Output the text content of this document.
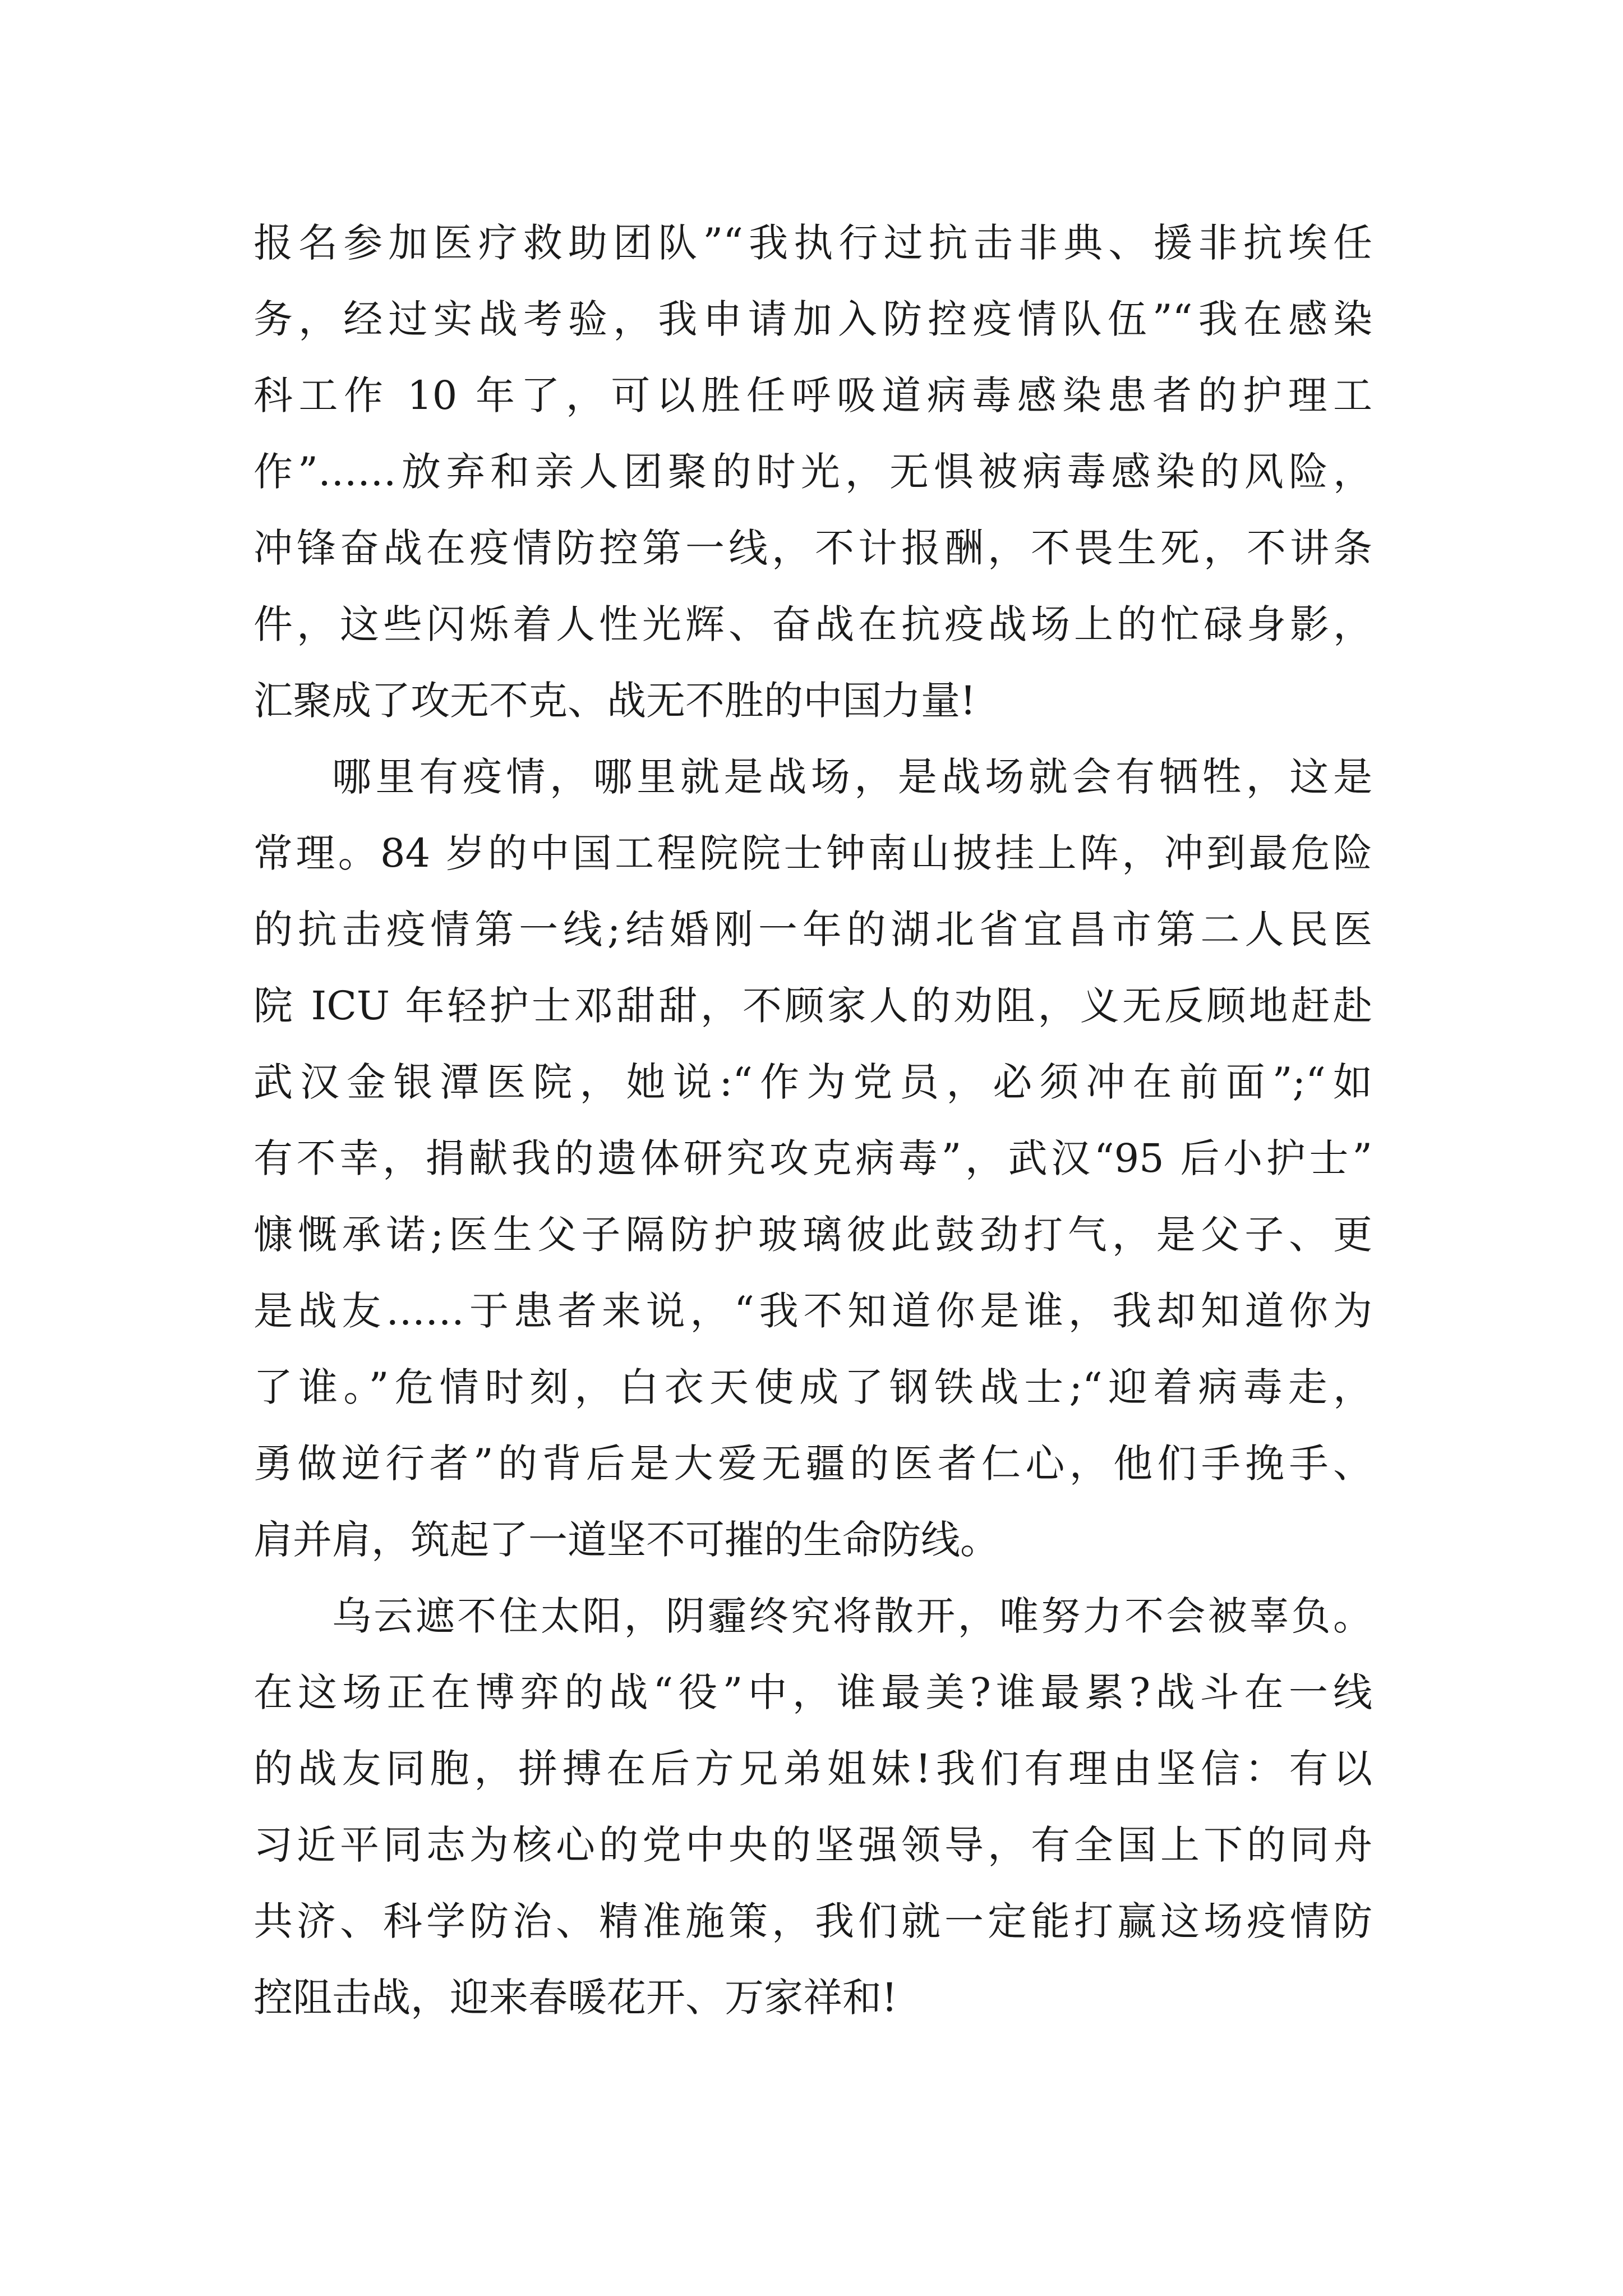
报名参加医疗救助团队”“我执行过抗击非典、援非抗埃任
务，经过实战考验，我申请加入防控疫情队伍”“我在感染
科工作 10 年了，可以胜任呼吸道病毒感染患者的护理工
作”……放弃和亲人团聚的时光，无惧被病毒感染的风险，
冲锋奋战在疫情防控第一线，不计报酬，不畏生死，不讲条
件，这些闪烁着人性光辉、奋战在抗疫战场上的忙碌身影，
汇聚成了攻无不克、战无不胜的中国力量!
哪里有疫情，哪里就是战场，是战场就会有牺牲，这是
常理。84 岁的中国工程院院士钟南山披挂上阵，冲到最危险
的抗击疫情第一线;结婚刚一年的湖北省宜昌市第二人民医
院 ICU 年轻护士邓甜甜，不顾家人的劝阻，义无反顾地赶赴
武汉金银潭医院，她说:“作为党员，必须冲在前面”;“如
有不幸，捐献我的遗体研究攻克病毒”，武汉“95 后小护士”
慷慨承诺;医生父子隔防护玻璃彼此鼓劲打气，是父子、更
是战友……于患者来说，“我不知道你是谁，我却知道你为
了谁。”危情时刻，白衣天使成了钢铁战士;“迎着病毒走，
勇做逆行者”的背后是大爱无疆的医者仁心，他们手挽手、
肩并肩，筑起了一道坚不可摧的生命防线。
乌云遮不住太阳，阴霾终究将散开，唯努力不会被辜负。
在这场正在博弈的战“役”中，谁最美?谁最累?战斗在一线
的战友同胞，拼搏在后方兄弟姐妹!我们有理由坚信：有以
习近平同志为核心的党中央的坚强领导，有全国上下的同舟
共济、科学防治、精准施策，我们就一定能打赢这场疫情防
控阻击战，迎来春暖花开、万家祥和!
